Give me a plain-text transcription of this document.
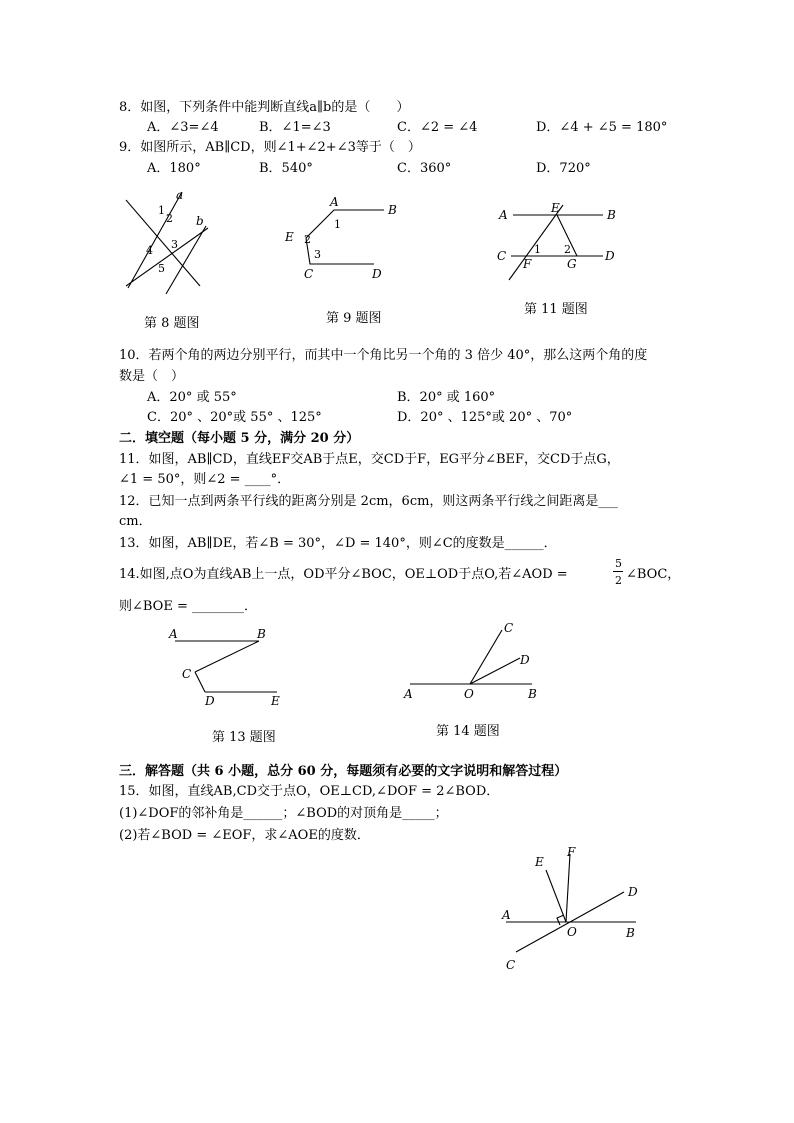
8．如图，下列条件中能判断直线a∥b的是（　　）
A．∠3=∠4	B．∠1=∠3	C．∠2 = ∠4	D．∠4 + ∠5 = 180°
9．如图所示，AB∥CD，则∠1+∠2+∠3等于（　）
A．180°	B．540°	C．360°	D．720°
a
b
1
2
3
4
5
第 8 题图
A
B
E
C	D
1
2
3
第 9 题图
A	E	B
C
F	G
D
1 2
第 11 题图
10．若两个角的两边分别平行，而其中一个角比另一个角的 3 倍少 40°，那么这两个角的度
数是（　）
A．20° 或 55°	B．20° 或 160°
C．20° 、20°或 55° 、125°	D．20° 、125°或 20° 、70°
二．填空题（每小题 5 分，满分 20 分）
11．如图，AB∥CD，直线EF交AB于点E，交CD于F，EG平分∠BEF，交CD于点G，
∠1 = 50°，则∠2 = ____°．
12．已知一点到两条平行线的距离分别是 2cm，6cm，则这两条平行线之间距离是___
cm．
13．如图，AB∥DE，若∠B = 30°，∠D = 140°，则∠C的度数是______．
14.如图,点O为直线AB上一点，OD平分∠BOC，OE⊥OD于点O,若∠AOD =
5
2 ∠BOC，
则∠BOE = ________．
A	B
C
D	E
第 13 题图
C
D
A	O	B
第 14 题图
三．解答题（共 6 小题，总分 60 分，每题须有必要的文字说明和解答过程）
15．如图，直线AB,CD交于点O，OE⊥CD,∠DOF = 2∠BOD．
(1)∠DOF的邻补角是______；∠BOD的对顶角是_____；
(2)若∠BOD = ∠EOF，求∠AOE的度数．
E
F
D
A
O	B
C
